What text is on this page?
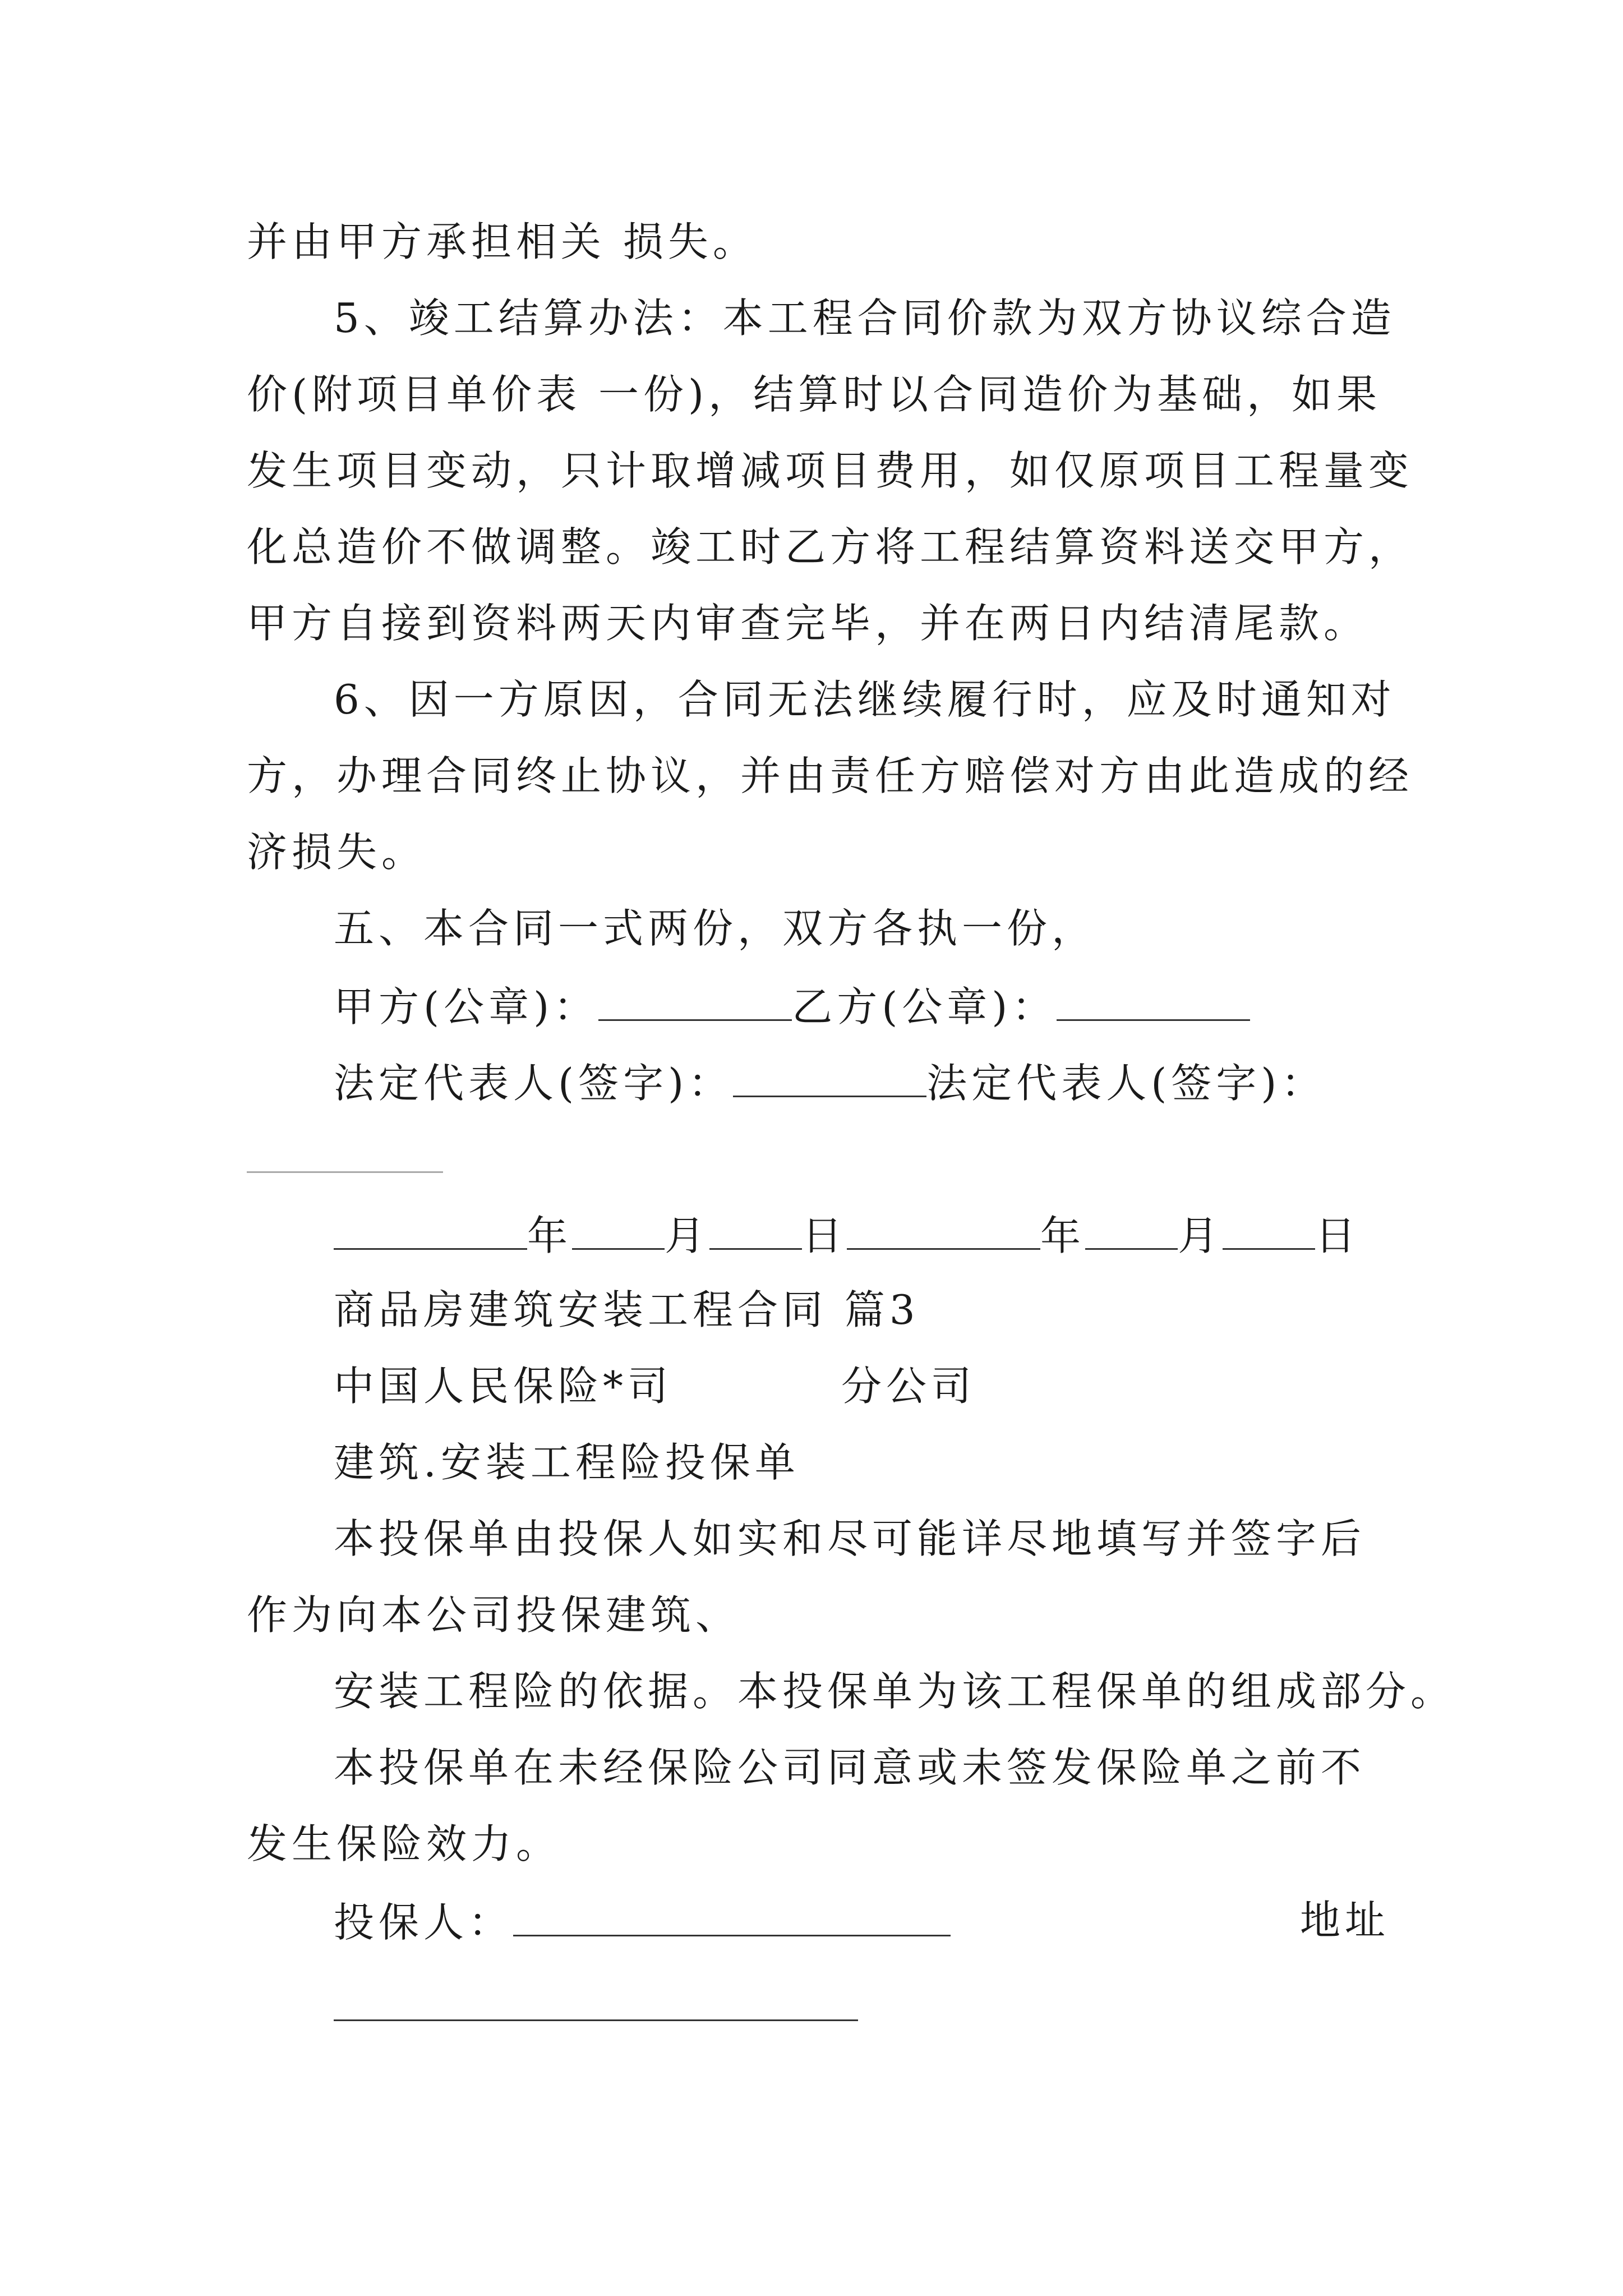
并由甲方承担相关 损失。
5、竣工结算办法：本工程合同价款为双方协议综合造
价(附项目单价表 一份)，结算时以合同造价为基础，如果
发生项目变动，只计取增减项目费用，如仅原项目工程量变
化总造价不做调整。竣工时乙方将工程结算资料送交甲方，
甲方自接到资料两天内审查完毕，并在两日内结清尾款。
6、因一方原因，合同无法继续履行时，应及时通知对
方，办理合同终止协议，并由责任方赔偿对方由此造成的经
济损失。
五、本合同一式两份，双方各执一份，
甲方(公章)：	乙方(公章)：
法定代表人(签字)：	法定代表人(签字)：
年 月 日	年 月 日
商品房建筑安装工程合同 篇3
中国人民保险*司	分公司
建筑.安装工程险投保单
本投保单由投保人如实和尽可能详尽地填写并签字后
作为向本公司投保建筑、
安装工程险的依据。本投保单为该工程保单的组成部分。
本投保单在未经保险公司同意或未签发保险单之前不
发生保险效力。
投保人：	地址
